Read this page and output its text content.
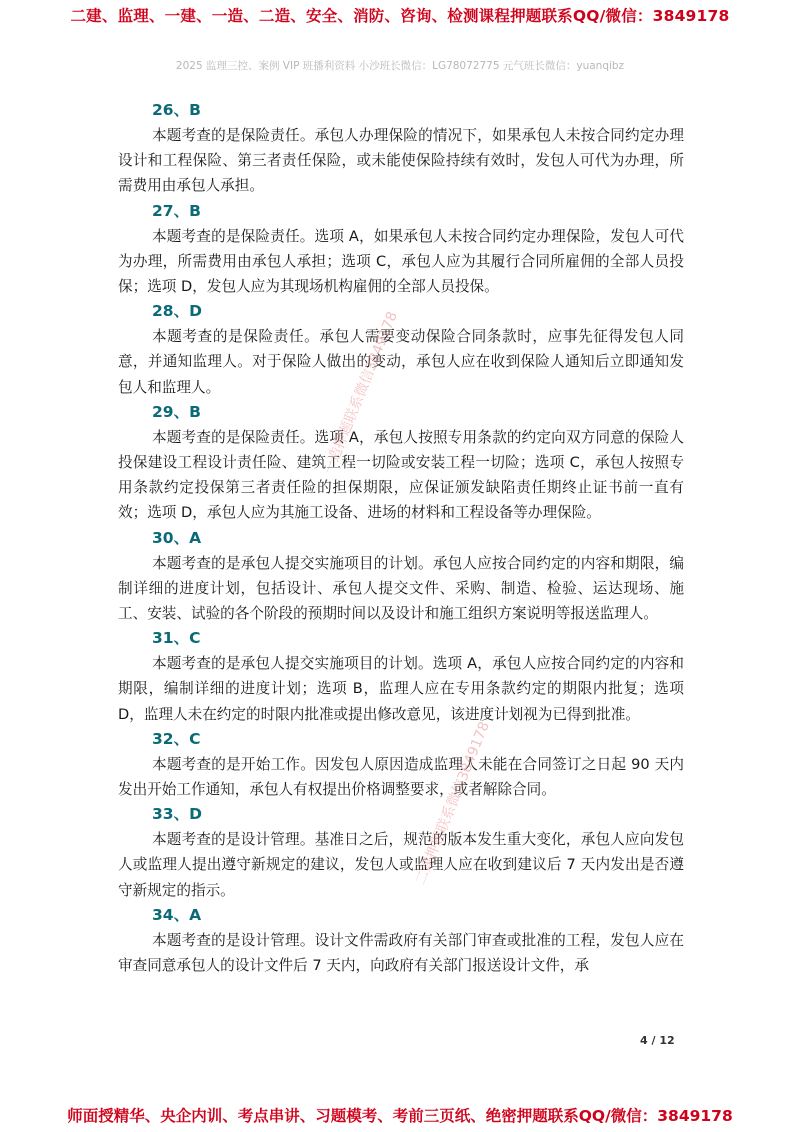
二建、监理、一建、一造、二造、安全、消防、咨询、检测课程押题联系QQ/微信：3849178
2025 监理三控、案例 VIP 班播利资料 小沙班长微信：LG78072775 元气班长微信：yuanqibz
26、B

本题考查的是保险责任。承包人办理保险的情况下，如果承包人未按合同约定办理设计和工程保险、第三者责任保险，或未能使保险持续有效时，发包人可代为办理，所需费用由承包人承担。

27、B

本题考查的是保险责任。选项 A，如果承包人未按合同约定办理保险，发包人可代为办理，所需费用由承包人承担；选项 C，承包人应为其履行合同所雇佣的全部人员投保；选项 D，发包人应为其现场机构雇佣的全部人员投保。

28、D

本题考查的是保险责任。承包人需要变动保险合同条款时，应事先征得发包人同意，并通知监理人。对于保险人做出的变动，承包人应在收到保险人通知后立即通知发包人和监理人。

29、B

本题考查的是保险责任。选项 A，承包人按照专用条款的约定向双方同意的保险人投保建设工程设计责任险、建筑工程一切险或安装工程一切险；选项 C，承包人按照专用条款约定投保第三者责任险的担保期限，应保证颁发缺陷责任期终止证书前一直有效；选项 D，承包人应为其施工设备、进场的材料和工程设备等办理保险。

30、A

本题考查的是承包人提交实施项目的计划。承包人应按合同约定的内容和期限，编制详细的进度计划，包括设计、承包人提交文件、采购、制造、检验、运达现场、施工、安装、试验的各个阶段的预期时间以及设计和施工组织方案说明等报送监理人。

31、C

本题考查的是承包人提交实施项目的计划。选项 A，承包人应按合同约定的内容和期限，编制详细的进度计划；选项 B，监理人应在专用条款约定的期限内批复；选项 D，监理人未在约定的时限内批准或提出修改意见，该进度计划视为已得到批准。

32、C

本题考查的是开始工作。因发包人原因造成监理人未能在合同签订之日起 90 天内发出开始工作通知，承包人有权提出价格调整要求，或者解除合同。

33、D

本题考查的是设计管理。基准日之后，规范的版本发生重大变化，承包人应向发包人或监理人提出遵守新规定的建议，发包人或监理人应在收到建议后 7 天内发出是否遵守新规定的指示。

34、A

本题考查的是设计管理。设计文件需政府有关部门审查或批准的工程，发包人应在审查同意承包人的设计文件后 7 天内，向政府有关部门报送设计文件，承

一造押题联系微信3849178
二建押题联系微信3849178
4 / 12
师面授精华、央企内训、考点串讲、习题模考、考前三页纸、绝密押题联系QQ/微信：3849178
